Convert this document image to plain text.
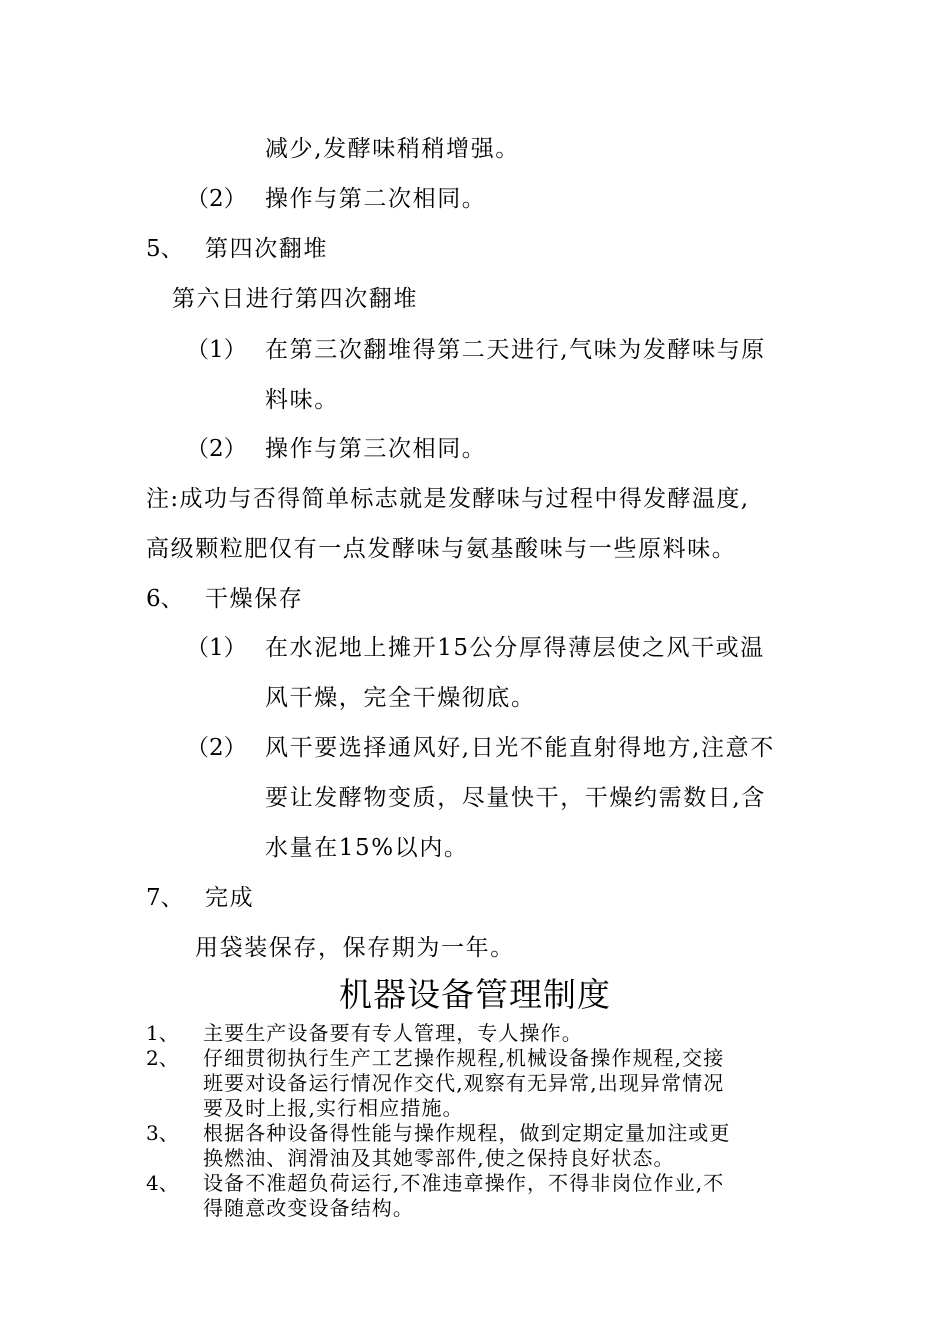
减少,发酵味稍稍增强。
（2） 操作与第二次相同。
5、 第四次翻堆
第六日进行第四次翻堆
（1） 在第三次翻堆得第二天进行,气味为发酵味与原
料味。
（2） 操作与第三次相同。
注:成功与否得简单标志就是发酵味与过程中得发酵温度,
高级颗粒肥仅有一点发酵味与氨基酸味与一些原料味。
6、 干燥保存
（1） 在水泥地上摊开15公分厚得薄层使之风干或温
风干燥，完全干燥彻底。
（2） 风干要选择通风好,日光不能直射得地方,注意不
要让发酵物变质，尽量快干，干燥约需数日,含
水量在15%以内。
7、 完成
用袋装保存，保存期为一年。
机器设备管理制度
1、 主要生产设备要有专人管理，专人操作。
2、 仔细贯彻执行生产工艺操作规程,机械设备操作规程,交接
班要对设备运行情况作交代,观察有无异常,出现异常情况
要及时上报,实行相应措施。
3、 根据各种设备得性能与操作规程，做到定期定量加注或更
换燃油、润滑油及其她零部件,使之保持良好状态。
4、 设备不准超负荷运行,不准违章操作，不得非岗位作业,不
得随意改变设备结构。
